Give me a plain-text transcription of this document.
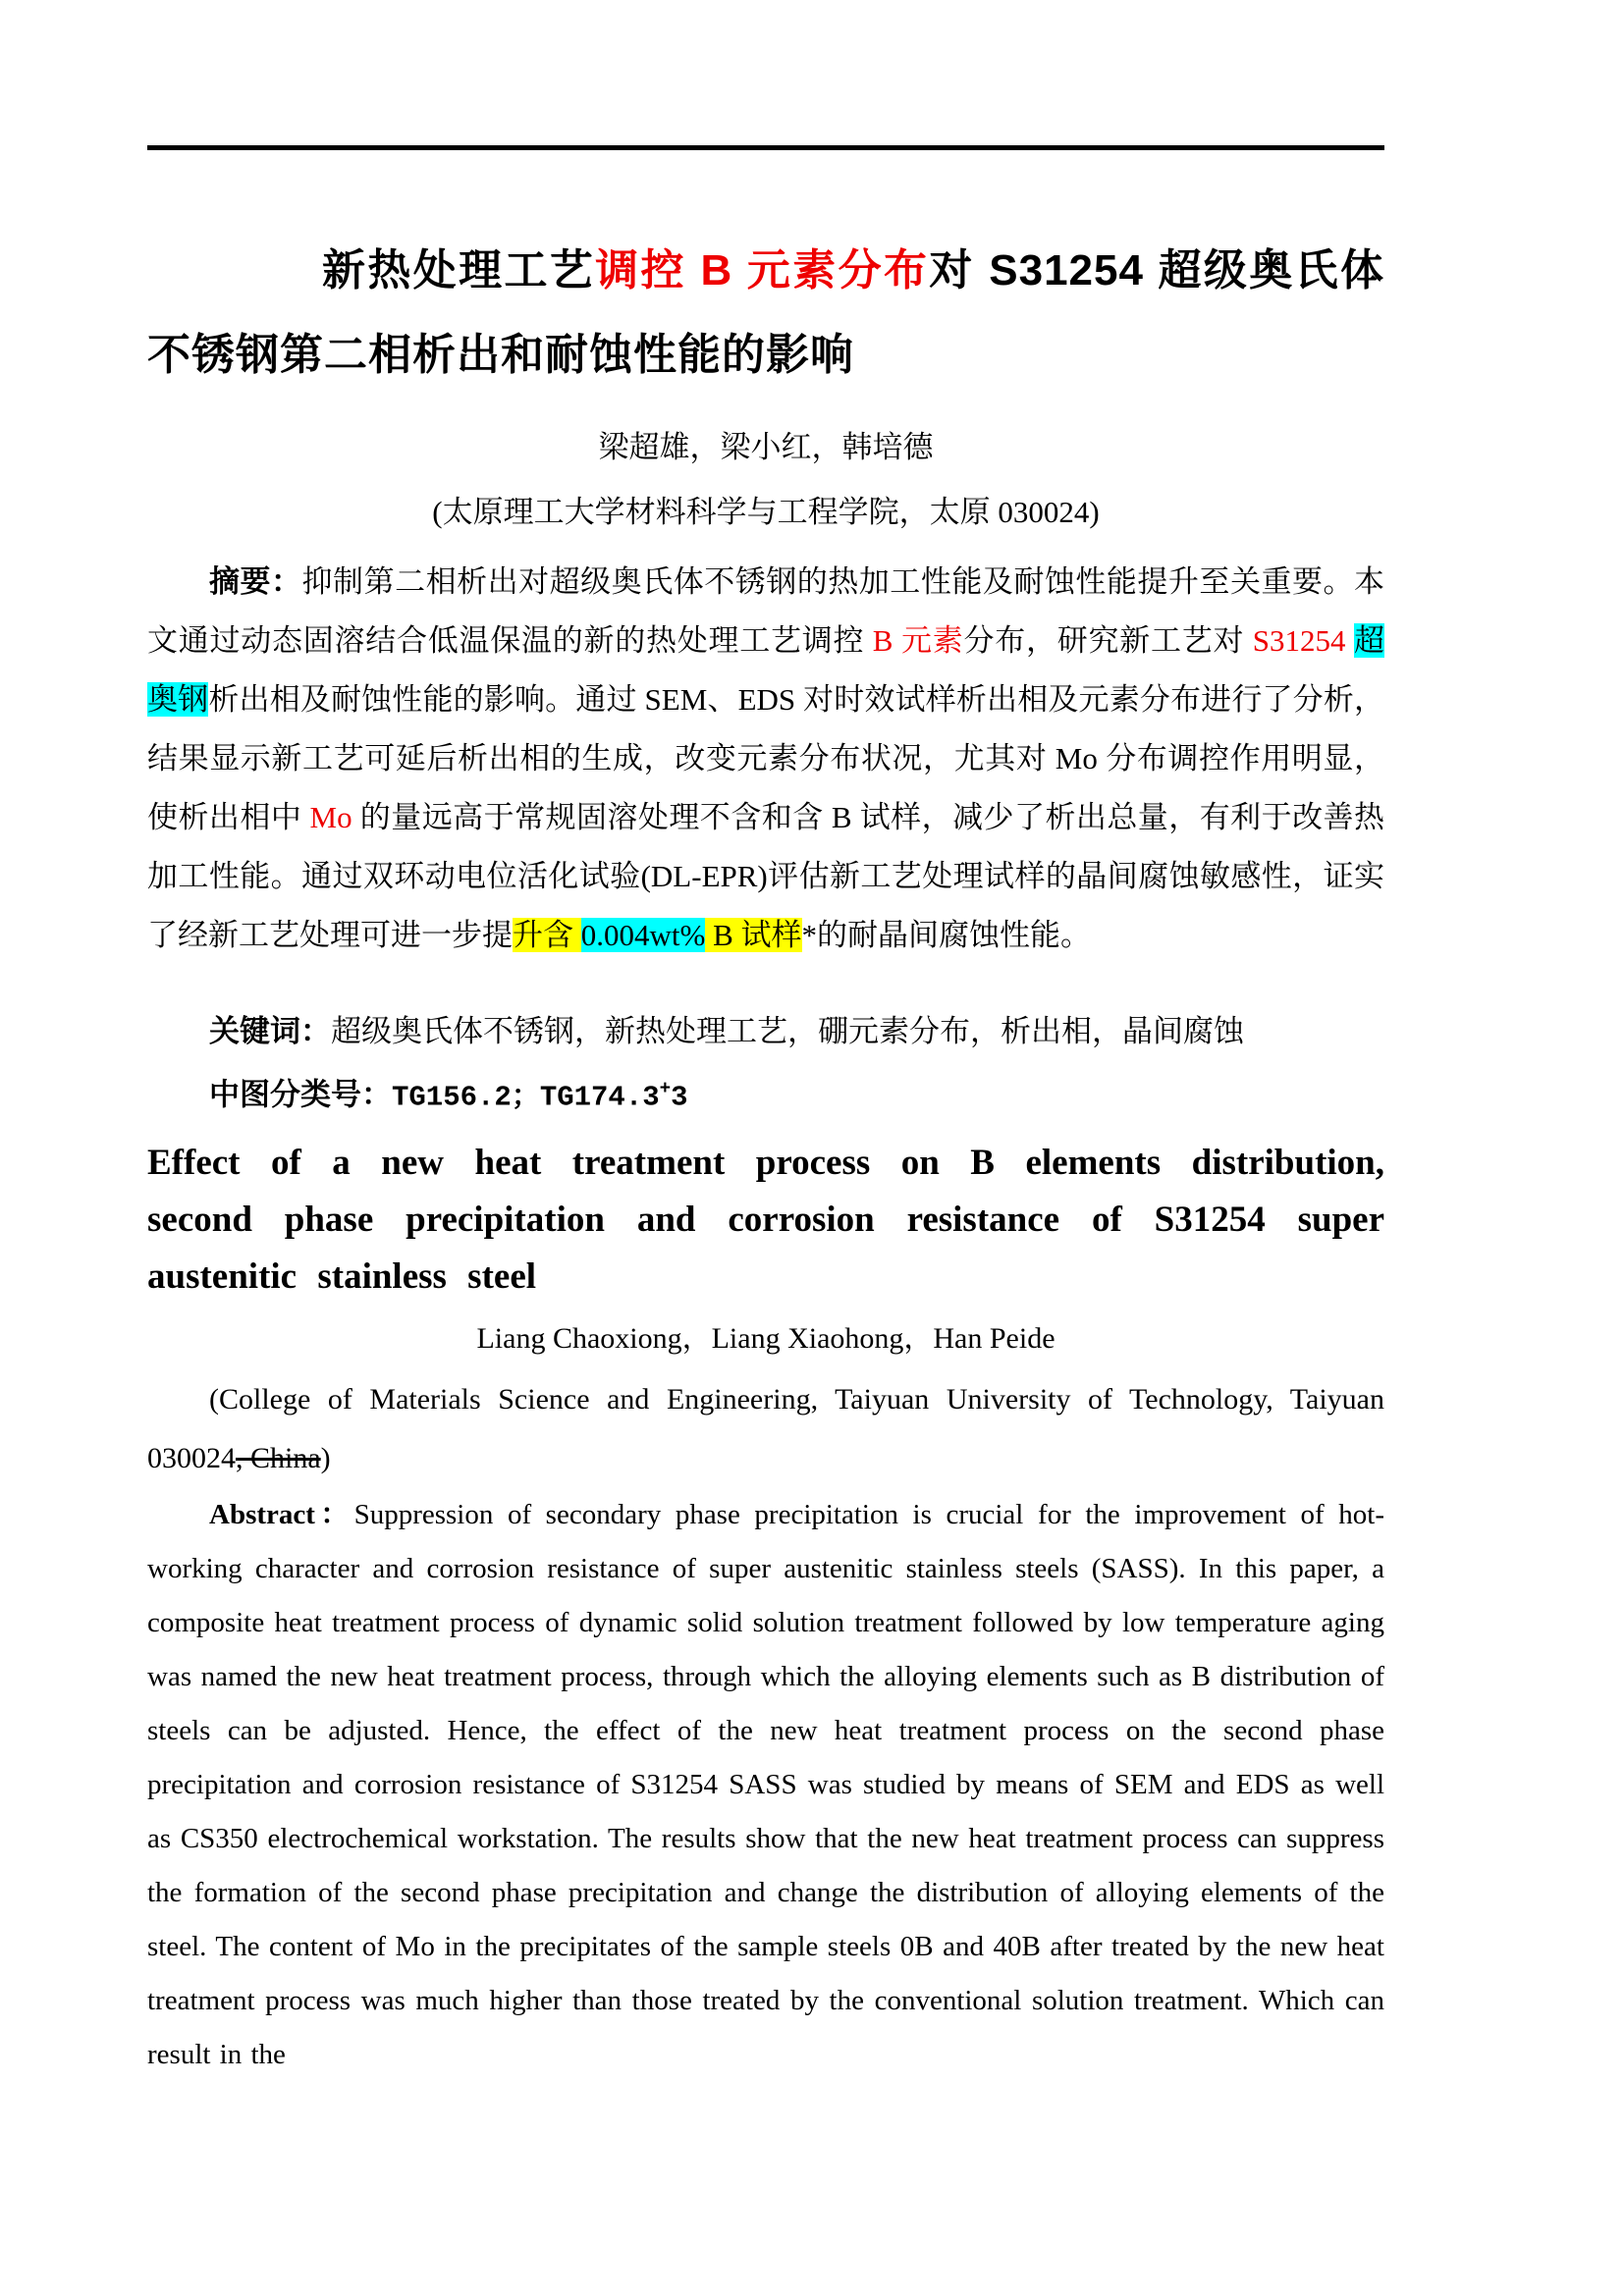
新热处理工艺调控 B 元素分布对 S31254 超级奥氏体不锈钢第二相析出和耐蚀性能的影响

梁超雄，梁小红，韩培德

(太原理工大学材料科学与工程学院，太原 030024)

摘要：抑制第二相析出对超级奥氏体不锈钢的热加工性能及耐蚀性能提升至关重要。本文通过动态固溶结合低温保温的新的热处理工艺调控 B 元素分布，研究新工艺对 S31254 超奥钢析出相及耐蚀性能的影响。通过 SEM、EDS 对时效试样析出相及元素分布进行了分析，结果显示新工艺可延后析出相的生成，改变元素分布状况，尤其对 Mo 分布调控作用明显，使析出相中 Mo 的量远高于常规固溶处理不含和含 B 试样，减少了析出总量，有利于改善热加工性能。通过双环动电位活化试验(DL-EPR)评估新工艺处理试样的晶间腐蚀敏感性，证实了经新工艺处理可进一步提升含 0.004wt% B 试样*的耐晶间腐蚀性能。

关键词：超级奥氏体不锈钢，新热处理工艺，硼元素分布，析出相，晶间腐蚀

中图分类号：TG156.2；TG174.3+3

Effect of a new heat treatment process on B elements distribution, second phase precipitation and corrosion resistance of S31254 super austenitic stainless steel

Liang Chaoxiong，Liang Xiaohong，Han Peide

(College of Materials Science and Engineering, Taiyuan University of Technology, Taiyuan 030024, China)

Abstract：Suppression of secondary phase precipitation is crucial for the improvement of hot-working character and corrosion resistance of super austenitic stainless steels (SASS). In this paper, a composite heat treatment process of dynamic solid solution treatment followed by low temperature aging was named the new heat treatment process, through which the alloying elements such as B distribution of steels can be adjusted. Hence, the effect of the new heat treatment process on the second phase precipitation and corrosion resistance of S31254 SASS was studied by means of SEM and EDS as well as CS350 electrochemical workstation. The results show that the new heat treatment process can suppress the formation of the second phase precipitation and change the distribution of alloying elements of the steel. The content of Mo in the precipitates of the sample steels 0B and 40B after treated by the new heat treatment process was much higher than those treated by the conventional solution treatment. Which can result in the
